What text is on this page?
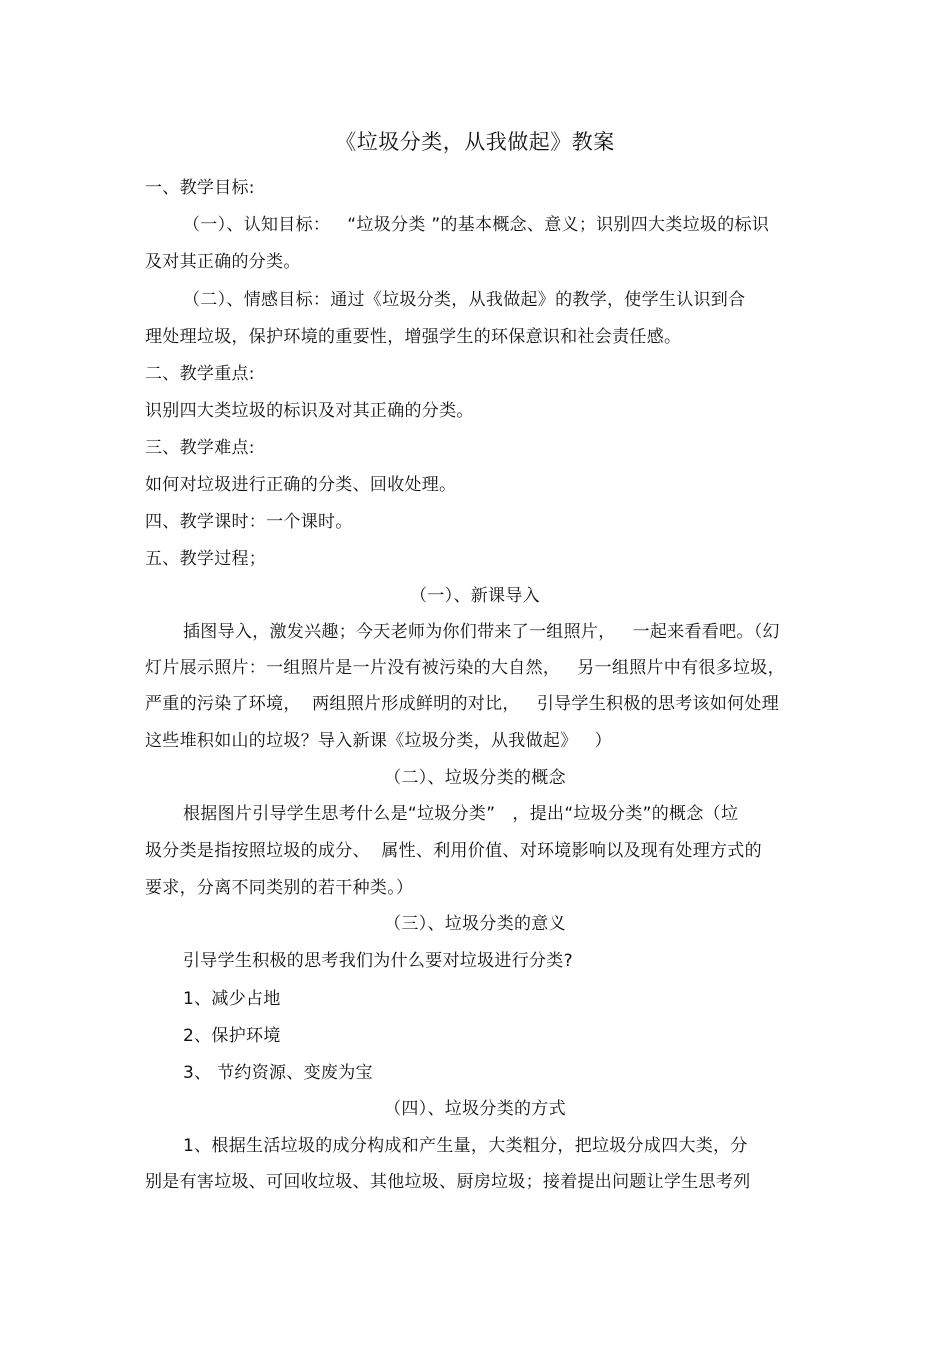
《垃圾分类，从我做起》教案
一、教学目标:
（一）、认知目标：   “垃圾分类 ”的基本概念、意义；识别四大类垃圾的标识
及对其正确的分类。
（二）、情感目标：通过《垃圾分类，从我做起》的教学，使学生认识到合
理处理垃圾，保护环境的重要性，增强学生的环保意识和社会责任感。
二、教学重点:
识别四大类垃圾的标识及对其正确的分类。
三、教学难点:
如何对垃圾进行正确的分类、回收处理。
四、教学课时：一个课时。
五、教学过程；
（一）、新课导入
插图导入，激发兴趣；今天老师为你们带来了一组照片，   一起来看看吧。（幻
灯片展示照片：一组照片是一片没有被污染的大自然，   另一组照片中有很多垃圾，
严重的污染了环境，  两组照片形成鲜明的对比，   引导学生积极的思考该如何处理
这些堆积如山的垃圾？导入新课《垃圾分类，从我做起》   ）
（二）、垃圾分类的概念
根据图片引导学生思考什么是“垃圾分类”   ，提出“垃圾分类”的概念（垃
圾分类是指按照垃圾的成分、  属性、利用价值、对环境影响以及现有处理方式的
要求，分离不同类别的若干种类。）
（三）、垃圾分类的意义
引导学生积极的思考我们为什么要对垃圾进行分类?
1、减少占地
2、保护环境
3、 节约资源、变废为宝
（四）、垃圾分类的方式
1、根据生活垃圾的成分构成和产生量，大类粗分，把垃圾分成四大类，分
别是有害垃圾、可回收垃圾、其他垃圾、厨房垃圾；接着提出问题让学生思考列
